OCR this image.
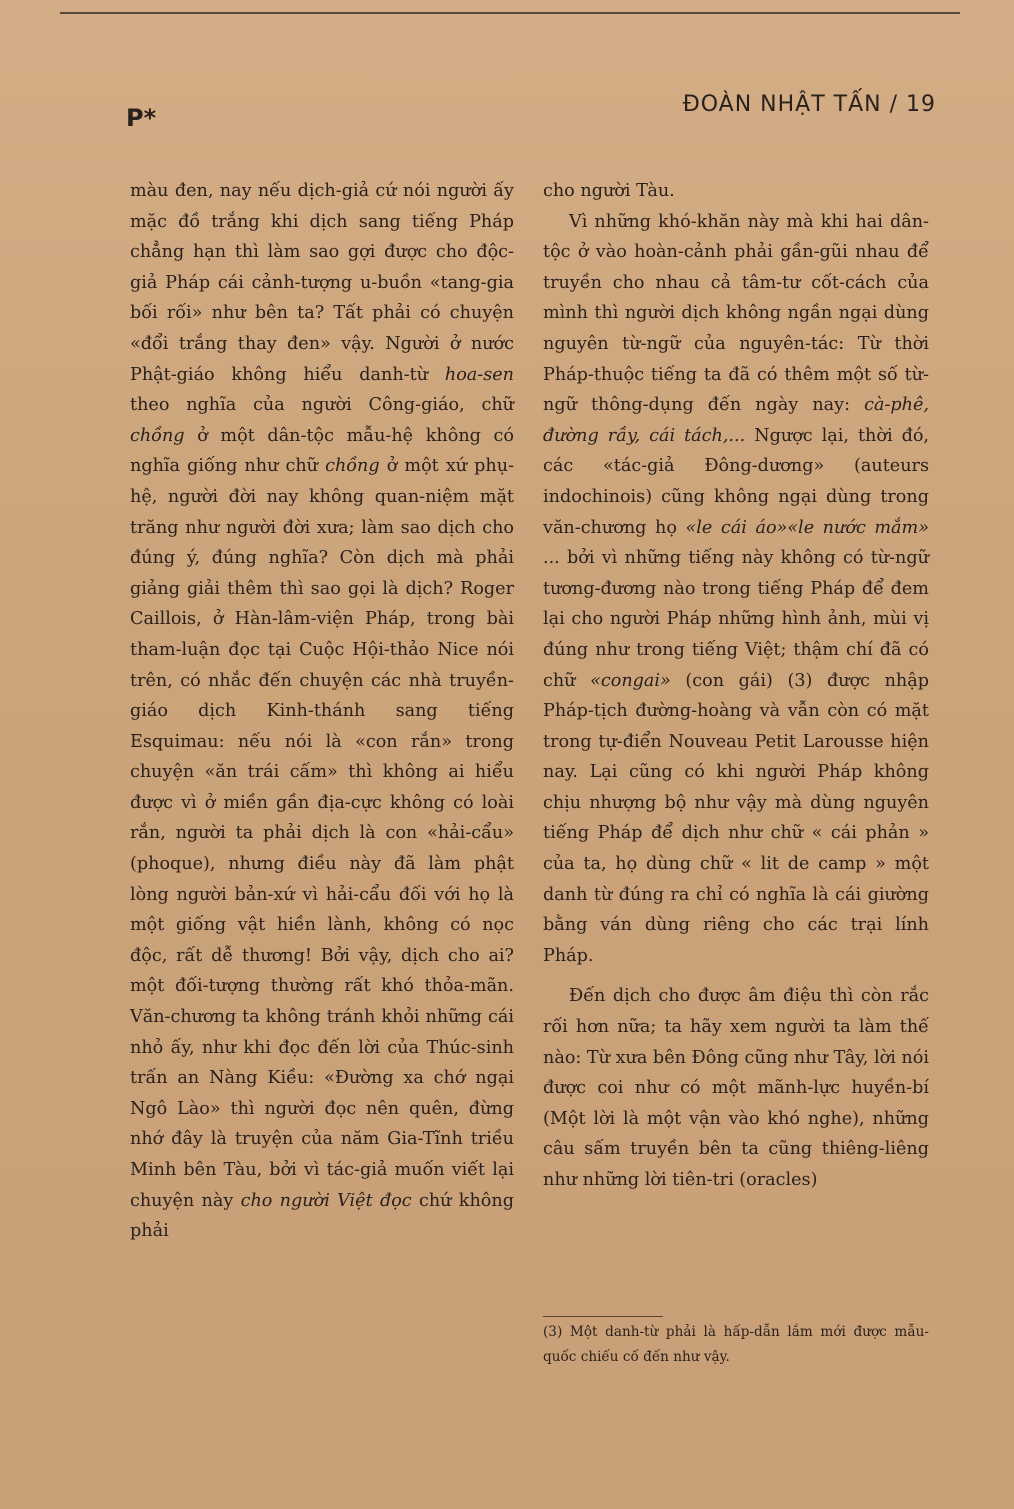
P*	ĐOÀN NHẬT TẤN / 19

màu đen, nay nếu dịch-giả cứ nói người ấy mặc đồ trắng khi dịch sang tiếng Pháp chẳng hạn thì làm sao gợi được cho độc-giả Pháp cái cảnh-tượng u-buồn «tang-gia bối rối» như bên ta? Tất phải có chuyện «đổi trắng thay đen» vậy. Người ở nước Phật-giáo không hiểu danh-từ hoa-sen theo nghĩa của người Công-giáo, chữ chồng ở một dân-tộc mẫu-hệ không có nghĩa giống như chữ chồng ở một xứ phụ-hệ, người đời nay không quan-niệm mặt trăng như người đời xưa; làm sao dịch cho đúng ý, đúng nghĩa? Còn dịch mà phải giảng giải thêm thì sao gọi là dịch? Roger Caillois, ở Hàn-lâm-viện Pháp, trong bài tham-luận đọc tại Cuộc Hội-thảo Nice nói trên, có nhắc đến chuyện các nhà truyền-giáo dịch Kinh-thánh sang tiếng Esquimau: nếu nói là «con rắn» trong chuyện «ăn trái cấm» thì không ai hiểu được vì ở miền gần địa-cực không có loài rắn, người ta phải dịch là con «hải-cẩu» (phoque), nhưng điều này đã làm phật lòng người bản-xứ vì hải-cẩu đối với họ là một giống vật hiền lành, không có nọc độc, rất dễ thương! Bởi vậy, dịch cho ai? một đối-tượng thường rất khó thỏa-mãn. Văn-chương ta không tránh khỏi những cái nhỏ ấy, như khi đọc đến lời của Thúc-sinh trấn an Nàng Kiều: «Đường xa chớ ngại Ngô Lào» thì người đọc nên quên, đừng nhớ đây là truyện của năm Gia-Tĩnh triều Minh bên Tàu, bởi vì tác-giả muốn viết lại chuyện này cho người Việt đọc chứ không phải

cho người Tàu.

Vì những khó-khăn này mà khi hai dân-tộc ở vào hoàn-cảnh phải gần-gũi nhau để truyền cho nhau cả tâm-tư cốt-cách của mình thì người dịch không ngần ngại dùng nguyên từ-ngữ của nguyên-tác: Từ thời Pháp-thuộc tiếng ta đã có thêm một số từ-ngữ thông-dụng đến ngày nay: cà-phê, đường rầy, cái tách,... Ngược lại, thời đó, các «tác-giả Đông-dương» (auteurs indochinois) cũng không ngại dùng trong văn-chương họ «le cái áo»«le nước mắm» ... bởi vì những tiếng này không có từ-ngữ tương-đương nào trong tiếng Pháp để đem lại cho người Pháp những hình ảnh, mùi vị đúng như trong tiếng Việt; thậm chí đã có chữ «congai» (con gái) (3) được nhập Pháp-tịch đường-hoàng và vẫn còn có mặt trong tự-điển Nouveau Petit Larousse hiện nay. Lại cũng có khi người Pháp không chịu nhượng bộ như vậy mà dùng nguyên tiếng Pháp để dịch như chữ « cái phản » của ta, họ dùng chữ « lit de camp » một danh từ đúng ra chỉ có nghĩa là cái giường bằng ván dùng riêng cho các trại lính Pháp.

Đến dịch cho được âm điệu thì còn rắc rối hơn nữa; ta hãy xem người ta làm thế nào: Từ xưa bên Đông cũng như Tây, lời nói được coi như có một mãnh-lực huyền-bí (Một lời là một vận vào khó nghe), những câu sấm truyền bên ta cũng thiêng-liêng như những lời tiên-tri (oracles)

(3) Một danh-từ phải là hấp-dẫn lắm mới được mẫu-quốc chiếu cố đến như vậy.
